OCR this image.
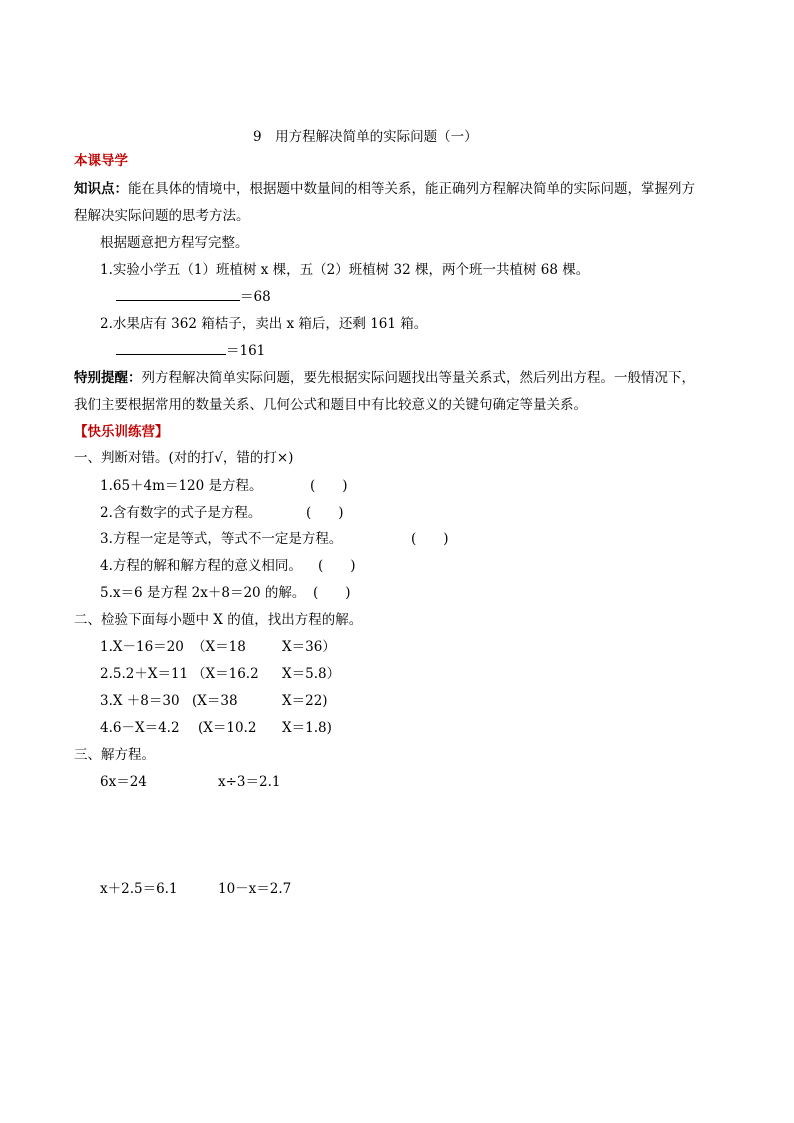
9　用方程解决简单的实际问题（一）
本课导学
知识点：能在具体的情境中，根据题中数量间的相等关系，能正确列方程解决简单的实际问题，掌握列方
程解决实际问题的思考方法。
根据题意把方程写完整。
1.实验小学五（1）班植树 x 棵，五（2）班植树 32 棵，两个班一共植树 68 棵。
＝68
2.水果店有 362 箱桔子，卖出 x 箱后，还剩 161 箱。
＝161
特别提醒：列方程解决简单实际问题，要先根据实际问题找出等量关系式，然后列出方程。一般情况下，
我们主要根据常用的数量关系、几何公式和题目中有比较意义的关键句确定等量关系。
【快乐训练营】
一、判断对错。(对的打√，错的打×)
1.65＋4m＝120 是方程。	(　　)
2.含有数字的式子是方程。	(　　)
3.方程一定是等式，等式不一定是方程。	(　　)
4.方程的解和解方程的意义相同。 (　　)
5.x＝6 是方程 2x＋8＝20 的解。 (　　)
二、检验下面每小题中 X 的值，找出方程的解。
1.X－16＝20 （X＝18	X＝36）
2.5.2＋X＝11 （X＝16.2 X＝5.8）
3.X ＋8＝30 (X＝38	X＝22)
4.6－X＝4.2 (X＝10.2 X＝1.8)
三、解方程。
6x＝24	x÷3＝2.1
x＋2.5＝6.1	10－x＝2.7
